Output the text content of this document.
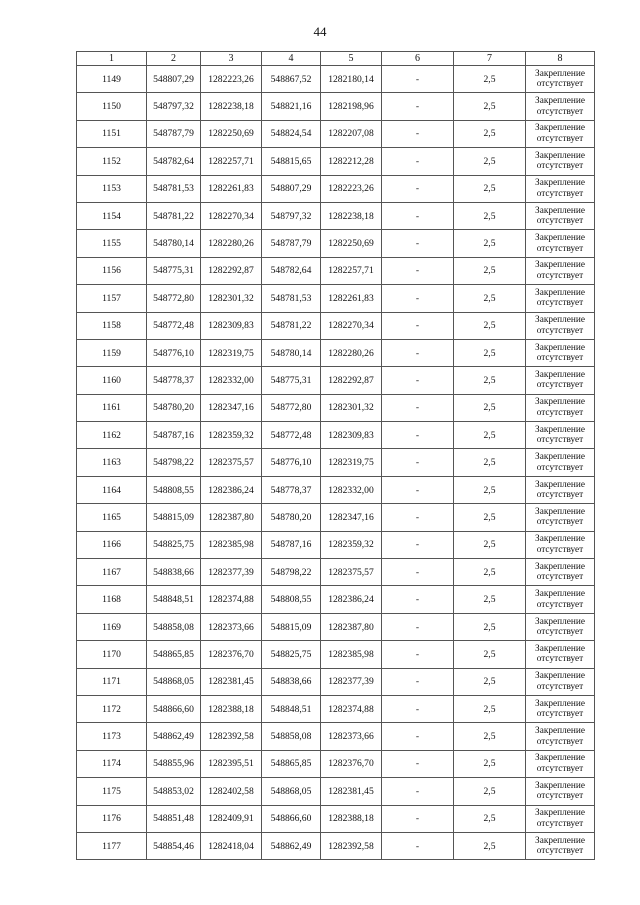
44
1	2	3	4	5	6	7	8
1149	548807,29	1282223,26	548867,52	1282180,14	-	2,5	Закрепление отсутствует
1150	548797,32	1282238,18	548821,16	1282198,96	-	2,5	Закрепление отсутствует
1151	548787,79	1282250,69	548824,54	1282207,08	-	2,5	Закрепление отсутствует
1152	548782,64	1282257,71	548815,65	1282212,28	-	2,5	Закрепление отсутствует
1153	548781,53	1282261,83	548807,29	1282223,26	-	2,5	Закрепление отсутствует
1154	548781,22	1282270,34	548797,32	1282238,18	-	2,5	Закрепление отсутствует
1155	548780,14	1282280,26	548787,79	1282250,69	-	2,5	Закрепление отсутствует
1156	548775,31	1282292,87	548782,64	1282257,71	-	2,5	Закрепление отсутствует
1157	548772,80	1282301,32	548781,53	1282261,83	-	2,5	Закрепление отсутствует
1158	548772,48	1282309,83	548781,22	1282270,34	-	2,5	Закрепление отсутствует
1159	548776,10	1282319,75	548780,14	1282280,26	-	2,5	Закрепление отсутствует
1160	548778,37	1282332,00	548775,31	1282292,87	-	2,5	Закрепление отсутствует
1161	548780,20	1282347,16	548772,80	1282301,32	-	2,5	Закрепление отсутствует
1162	548787,16	1282359,32	548772,48	1282309,83	-	2,5	Закрепление отсутствует
1163	548798,22	1282375,57	548776,10	1282319,75	-	2,5	Закрепление отсутствует
1164	548808,55	1282386,24	548778,37	1282332,00	-	2,5	Закрепление отсутствует
1165	548815,09	1282387,80	548780,20	1282347,16	-	2,5	Закрепление отсутствует
1166	548825,75	1282385,98	548787,16	1282359,32	-	2,5	Закрепление отсутствует
1167	548838,66	1282377,39	548798,22	1282375,57	-	2,5	Закрепление отсутствует
1168	548848,51	1282374,88	548808,55	1282386,24	-	2,5	Закрепление отсутствует
1169	548858,08	1282373,66	548815,09	1282387,80	-	2,5	Закрепление отсутствует
1170	548865,85	1282376,70	548825,75	1282385,98	-	2,5	Закрепление отсутствует
1171	548868,05	1282381,45	548838,66	1282377,39	-	2,5	Закрепление отсутствует
1172	548866,60	1282388,18	548848,51	1282374,88	-	2,5	Закрепление отсутствует
1173	548862,49	1282392,58	548858,08	1282373,66	-	2,5	Закрепление отсутствует
1174	548855,96	1282395,51	548865,85	1282376,70	-	2,5	Закрепление отсутствует
1175	548853,02	1282402,58	548868,05	1282381,45	-	2,5	Закрепление отсутствует
1176	548851,48	1282409,91	548866,60	1282388,18	-	2,5	Закрепление отсутствует
1177	548854,46	1282418,04	548862,49	1282392,58	-	2,5	Закрепление отсутствует
